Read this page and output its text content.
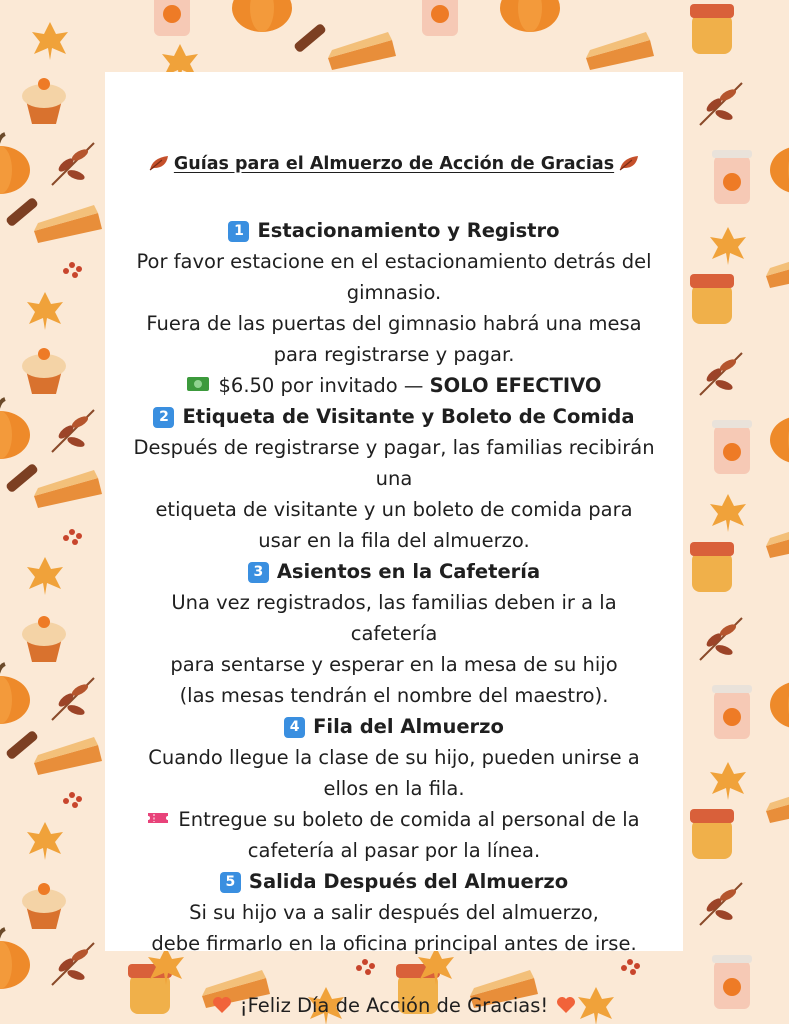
Guías para el Almuerzo de Acción de Gracias
1 Estacionamiento y Registro
Por favor estacione en el estacionamiento detrás del
gimnasio.
Fuera de las puertas del gimnasio habrá una mesa
para registrarse y pagar.
$6.50 por invitado — SOLO EFECTIVO
2 Etiqueta de Visitante y Boleto de Comida
Después de registrarse y pagar, las familias recibirán
una
etiqueta de visitante y un boleto de comida para
usar en la fila del almuerzo.
3 Asientos en la Cafetería
Una vez registrados, las familias deben ir a la
cafetería
para sentarse y esperar en la mesa de su hijo
(las mesas tendrán el nombre del maestro).
4 Fila del Almuerzo
Cuando llegue la clase de su hijo, pueden unirse a
ellos en la fila.
Entregue su boleto de comida al personal de la
cafetería al pasar por la línea.
5 Salida Después del Almuerzo
Si su hijo va a salir después del almuerzo,
debe firmarlo en la oficina principal antes de irse.
¡Feliz Día de Acción de Gracias!
